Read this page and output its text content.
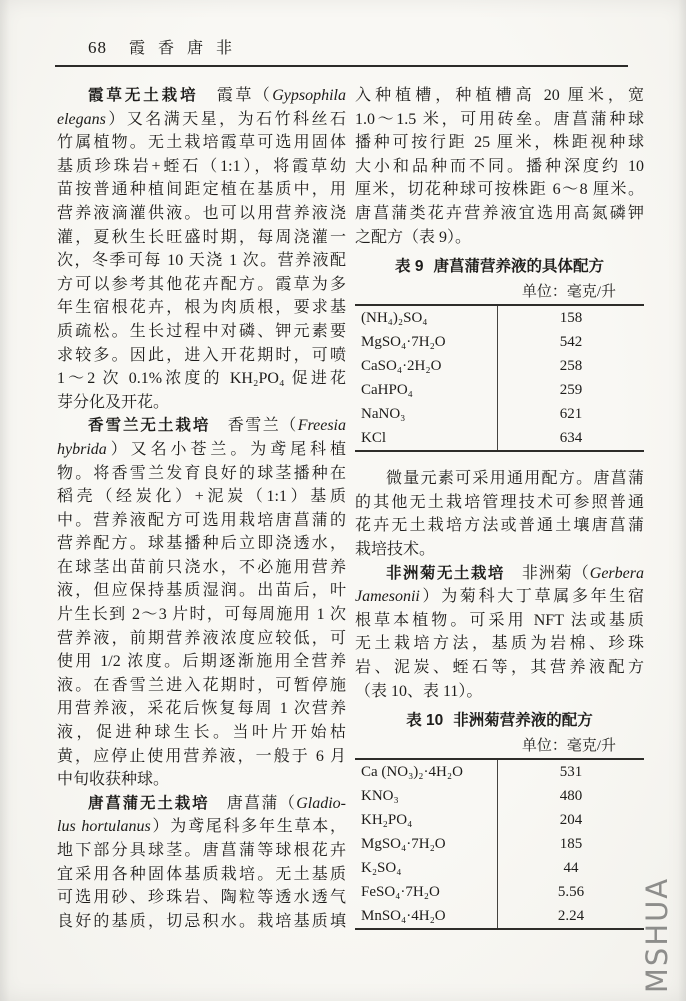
68 霞香唐非
霞草无土栽培　霞草（Gypsophila
elegans）又名满天星，为石竹科丝石
竹属植物。无土栽培霞草可选用固体
基质珍珠岩+蛭石（1:1），将霞草幼
苗按普通种植间距定植在基质中，用
营养液滴灌供液。也可以用营养液浇
灌，夏秋生长旺盛时期，每周浇灌一
次，冬季可每 10 天浇 1 次。营养液配
方可以参考其他花卉配方。霞草为多
年生宿根花卉，根为肉质根，要求基
质疏松。生长过程中对磷、钾元素要
求较多。因此，进入开花期时，可喷
1～2 次 0.1%浓度的 KH₂PO₄ 促进花
芽分化及开花。
香雪兰无土栽培　香雪兰（Freesia
hybrida）又名小苍兰。为鸢尾科植
物。将香雪兰发育良好的球茎播种在
稻壳（经炭化）+泥炭（1:1）基质
中。营养液配方可选用栽培唐菖蒲的
营养配方。球基播种后立即浇透水，
在球茎出苗前只浇水，不必施用营养
液，但应保持基质湿润。出苗后，叶
片生长到 2～3 片时，可每周施用 1 次
营养液，前期营养液浓度应较低，可
使用 1/2 浓度。后期逐渐施用全营养
液。在香雪兰进入花期时，可暂停施
用营养液，采花后恢复每周 1 次营养
液，促进种球生长。当叶片开始枯
黄，应停止使用营养液，一般于 6 月
中旬收获种球。
唐菖蒲无土栽培　唐菖蒲（Gladio-
lus hortulanus）为鸢尾科多年生草本，
地下部分具球茎。唐菖蒲等球根花卉
宜采用各种固体基质栽培。无土基质
可选用砂、珍珠岩、陶粒等透水透气
良好的基质，切忌积水。栽培基质填
入种植槽，种植槽高 20 厘米，宽
1.0～1.5 米，可用砖垒。唐菖蒲种球
播种可按行距 25 厘米，株距视种球
大小和品种而不同。播种深度约 10
厘米，切花种球可按株距 6～8 厘米。
唐菖蒲类花卉营养液宜选用高氮磷钾
之配方（表 9）。
表 9 唐菖蒲营养液的具体配方
单位：毫克/升
(NH₄)₂SO₄	158
MgSO₄·7H₂O	542
CaSO₄·2H₂O	258
CaHPO₄	259
NaNO₃	621
KCl	634
微量元素可采用通用配方。唐菖蒲
的其他无土栽培管理技术可参照普通
花卉无土栽培方法或普通土壤唐菖蒲
栽培技术。
非洲菊无土栽培　非洲菊（Gerbera
Jamesonii）为菊科大丁草属多年生宿
根草本植物。可采用 NFT 法或基质
无土栽培方法，基质为岩棉、珍珠
岩、泥炭、蛭石等，其营养液配方
（表 10、表 11）。
表 10 非洲菊营养液的配方
单位：毫克/升
Ca (NO₃)₂·4H₂O	531
KNO₃	480
KH₂PO₄	204
MgSO₄·7H₂O	185
K₂SO₄	44
FeSO₄·7H₂O	5.56
MnSO₄·4H₂O	2.24	MSHUA
